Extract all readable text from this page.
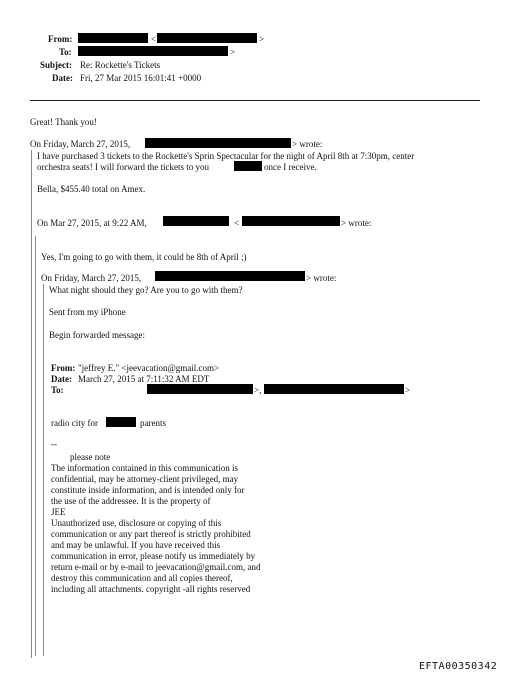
From:	<	>
To:	>
Subject: Re: Rockette's Tickets
Date: Fri, 27 Mar 2015 16:01:41 +0000
Great! Thank you!
On Friday, March 27, 2015,	> wrote:
I have purchased 3 tickets to the Rockette's Sprin Spectacular for the night of April 8th at 7:30pm, center
orchestra seats! I will forward the tickets to you	once I receive.
Bella, $455.40 total on Amex.
On Mar 27, 2015, at 9:22 AM,	<	> wrote:
Yes, I'm going to go with them, it could be 8th of April ;)
On Friday, March 27, 2015,	> wrote:
What night should they go? Are you to go with them?
Sent from my iPhone
Begin forwarded message:
From: "jeffrey E." <jeevacation@gmail.com>
Date: March 27, 2015 at 7:11:32 AM EDT
To:	>,	>
radio city for	parents
--
please note
The information contained in this communication is
confidential, may be attorney-client privileged, may
constitute inside information, and is intended only for
the use of the addressee. It is the property of
JEE
Unauthorized use, disclosure or copying of this
communication or any part thereof is strictly prohibited
and may be unlawful. If you have received this
communication in error, please notify us immediately by
return e-mail or by e-mail to jeevacation@gmail.com, and
destroy this communication and all copies thereof,
including all attachments. copyright -all rights reserved
EFTA00350342
